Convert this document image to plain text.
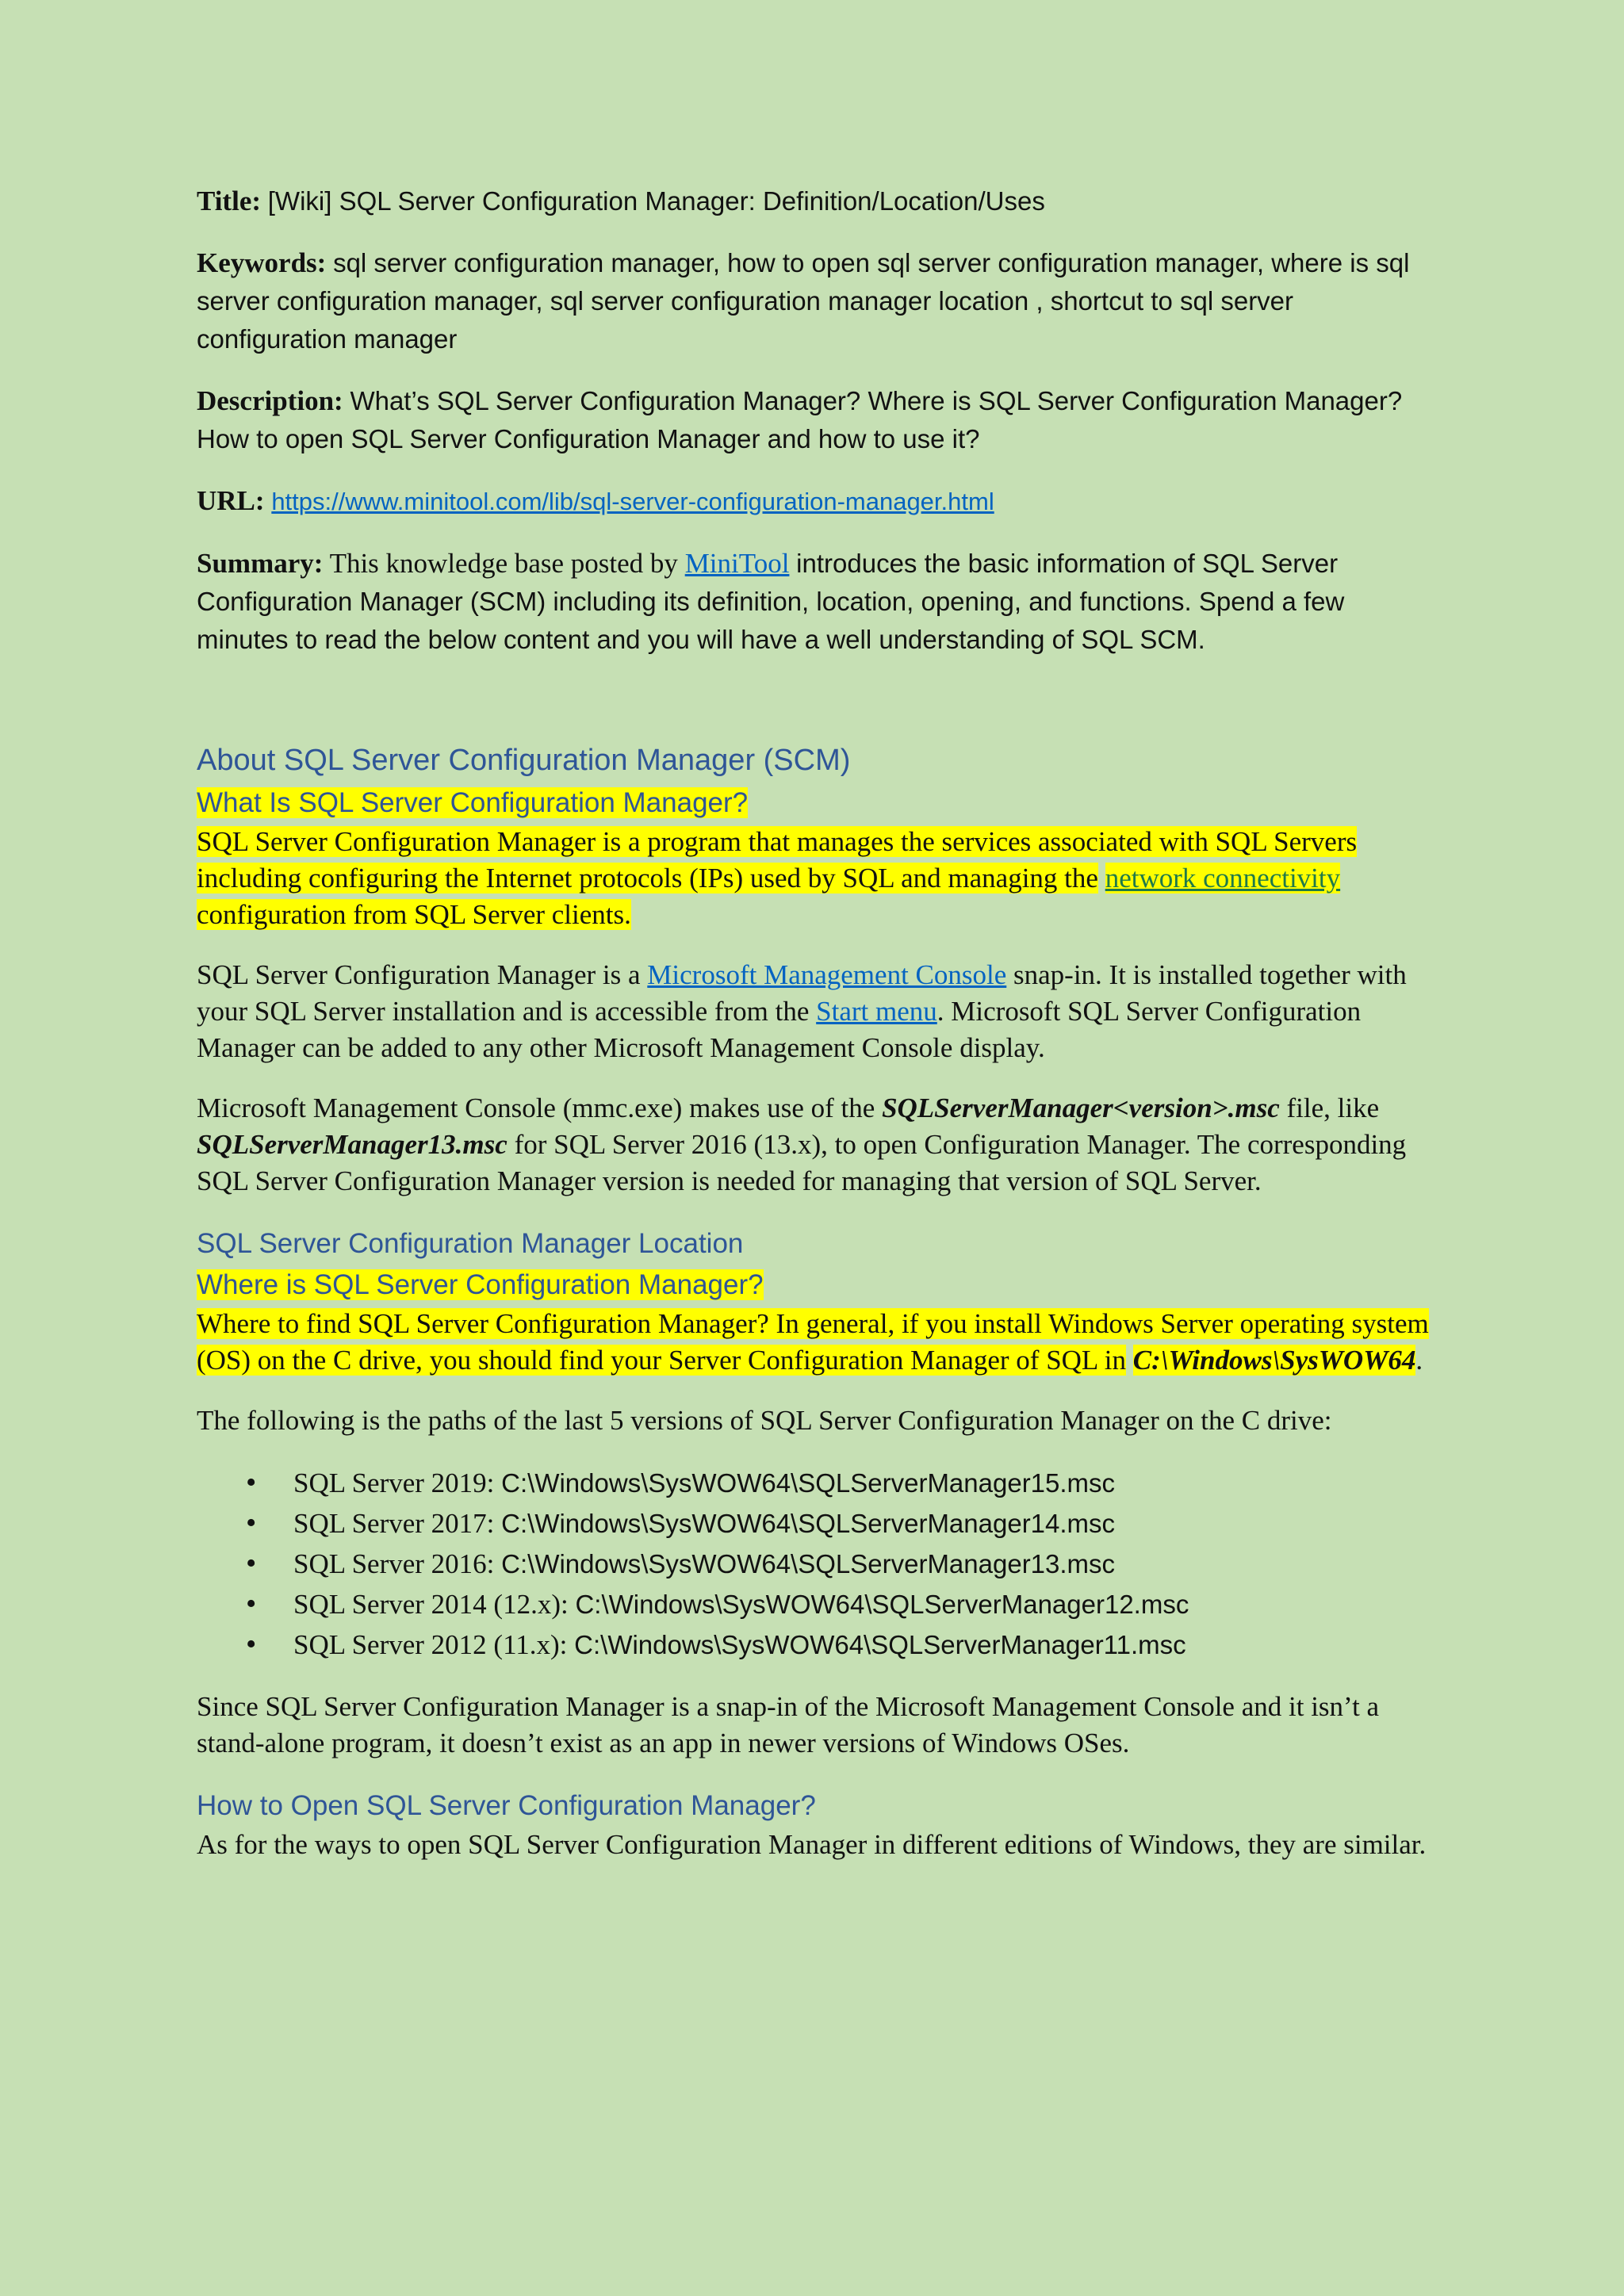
Title: [Wiki] SQL Server Configuration Manager: Definition/Location/Uses

Keywords: sql server configuration manager, how to open sql server configuration manager, where is sql server configuration manager, sql server configuration manager location , shortcut to sql server configuration manager

Description: What’s SQL Server Configuration Manager? Where is SQL Server Configuration Manager? How to open SQL Server Configuration Manager and how to use it?

URL: https://www.minitool.com/lib/sql-server-configuration-manager.html

Summary: This knowledge base posted by MiniTool introduces the basic information of SQL Server Configuration Manager (SCM) including its definition, location, opening, and functions. Spend a few minutes to read the below content and you will have a well understanding of SQL SCM.

About SQL Server Configuration Manager (SCM)
What Is SQL Server Configuration Manager?

SQL Server Configuration Manager is a program that manages the services associated with SQL Servers including configuring the Internet protocols (IPs) used by SQL and managing the network connectivity configuration from SQL Server clients.

SQL Server Configuration Manager is a Microsoft Management Console snap-in. It is installed together with your SQL Server installation and is accessible from the Start menu. Microsoft SQL Server Configuration Manager can be added to any other Microsoft Management Console display.

Microsoft Management Console (mmc.exe) makes use of the SQLServerManager<version>.msc file, like SQLServerManager13.msc for SQL Server 2016 (13.x), to open Configuration Manager. The corresponding SQL Server Configuration Manager version is needed for managing that version of SQL Server.

SQL Server Configuration Manager Location
Where is SQL Server Configuration Manager?

Where to find SQL Server Configuration Manager? In general, if you install Windows Server operating system (OS) on the C drive, you should find your Server Configuration Manager of SQL in C:\Windows\SysWOW64.

The following is the paths of the last 5 versions of SQL Server Configuration Manager on the C drive:

• SQL Server 2019: C:\Windows\SysWOW64\SQLServerManager15.msc
• SQL Server 2017: C:\Windows\SysWOW64\SQLServerManager14.msc
• SQL Server 2016: C:\Windows\SysWOW64\SQLServerManager13.msc
• SQL Server 2014 (12.x): C:\Windows\SysWOW64\SQLServerManager12.msc
• SQL Server 2012 (11.x): C:\Windows\SysWOW64\SQLServerManager11.msc

Since SQL Server Configuration Manager is a snap-in of the Microsoft Management Console and it isn’t a stand-alone program, it doesn’t exist as an app in newer versions of Windows OSes.

How to Open SQL Server Configuration Manager?

As for the ways to open SQL Server Configuration Manager in different editions of Windows, they are similar.
